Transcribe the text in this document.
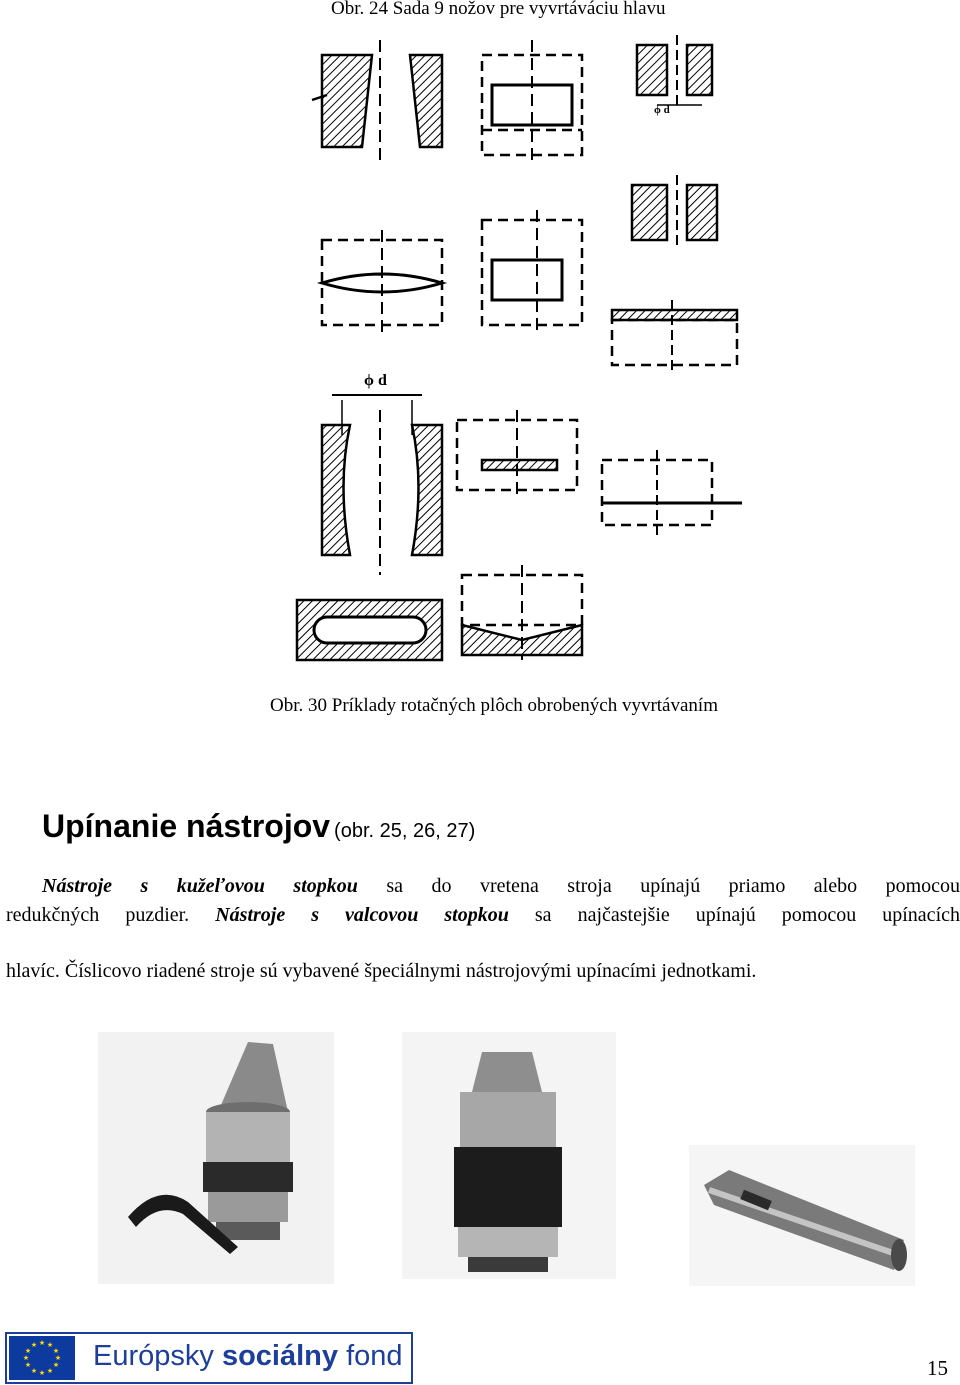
Obr. 24 Sada 9 nožov pre vyvrtáváciu hlavu
ϕ d
ϕ d
Obr. 30 Príklady rotačných plôch obrobených vyvrtávaním
Upínanie nástrojov (obr. 25, 26, 27)
Nástroje s kužeľovou stopkou sa do vretena stroja upínajú priamo alebo pomocou
redukčných puzdier. Nástroje s valcovou stopkou sa najčastejšie upínajú pomocou upínacích
hlavíc. Číslicovo riadené stroje sú vybavené špeciálnymi nástrojovými upínacími jednotkami.
★ ★
★
★
★
★
★
★
★
★
★
★ Európsky sociálny fond	15
